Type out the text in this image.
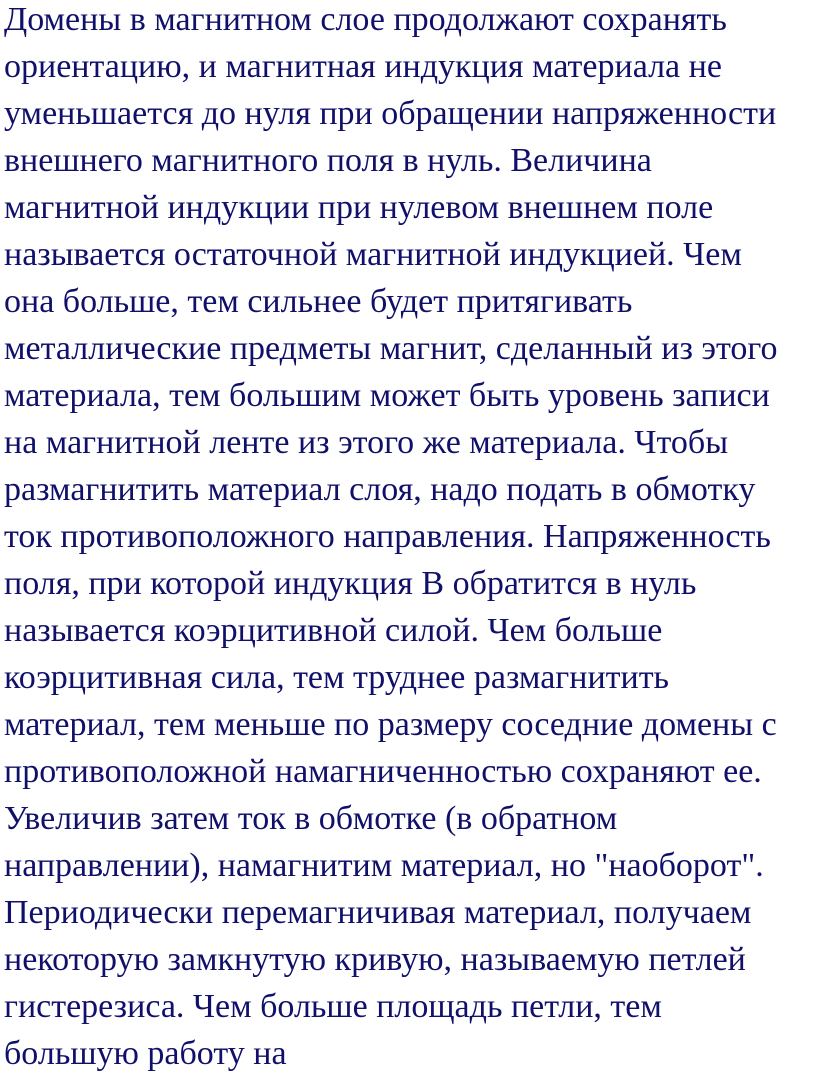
Домены в магнитном слое продолжают сохранять
ориентацию, и магнитная индукция материала не
уменьшается до нуля при обращении напряженности
внешнего магнитного поля в нуль. Величина
магнитной индукции при нулевом внешнем поле
называется остаточной магнитной индукцией. Чем
она больше, тем сильнее будет притягивать
металлические предметы магнит, сделанный из этого
материала, тем большим может быть уровень записи
на магнитной ленте из этого же материала. Чтобы
размагнитить материал слоя, надо подать в обмотку
ток противоположного направления. Напряженность
поля, при которой индукция В обратится в нуль
называется коэрцитивной силой. Чем больше
коэрцитивная сила, тем труднее размагнитить
материал, тем меньше по размеру соседние домены с
противоположной намагниченностью сохраняют ее.
Увеличив затем ток в обмотке (в обратном
направлении), намагнитим материал, но "наоборот".
Периодически перемагничивая материал, получаем
некоторую замкнутую кривую, называемую петлей
гистерезиса. Чем больше площадь петли, тем
большую работу на
